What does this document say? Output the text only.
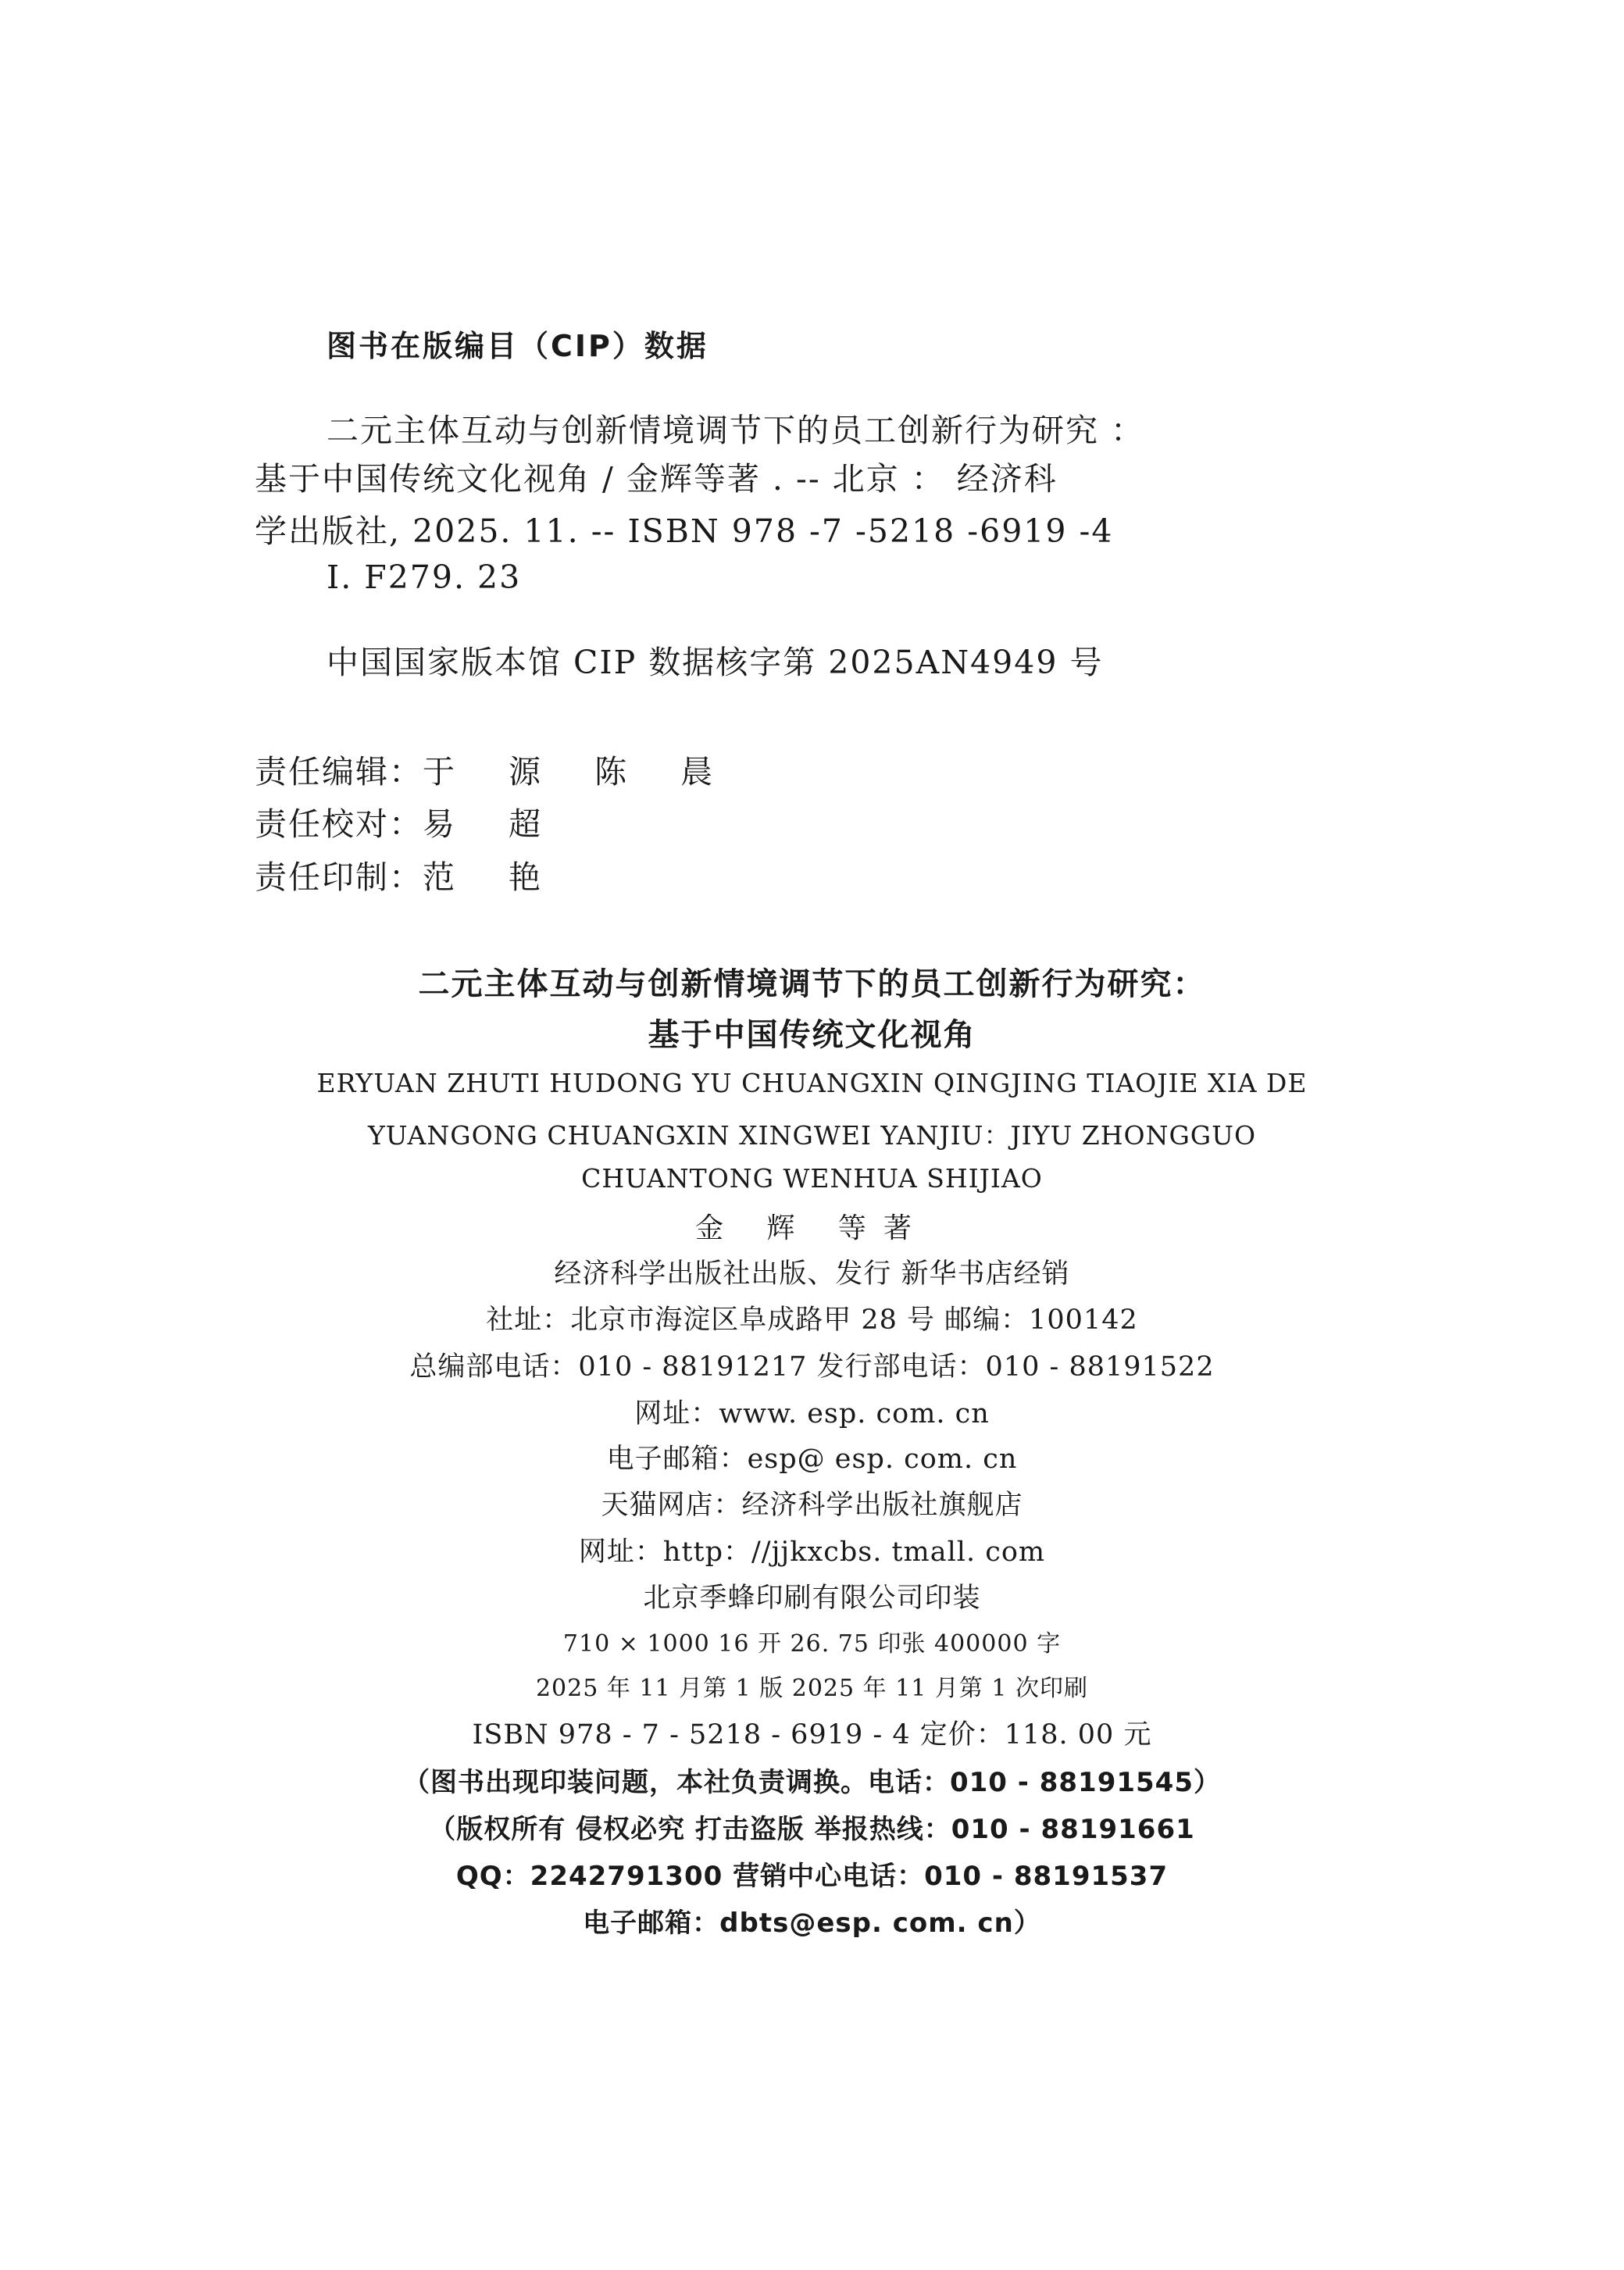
图书在版编目（CIP）数据
二元主体互动与创新情境调节下的员工创新行为研究 ：
基于中国传统文化视角 / 金辉等著 . -- 北京 ： 经济科
学出版社, 2025. 11. -- ISBN 978 -7 -5218 -6919 -4
Ⅰ. F279. 23
中国国家版本馆 CIP 数据核字第 2025AN4949 号
责任编辑：于 源 陈 晨
责任校对：易 超
责任印制：范 艳
二元主体互动与创新情境调节下的员工创新行为研究：
基于中国传统文化视角
ERYUAN ZHUTI HUDONG YU CHUANGXIN QINGJING TIAOJIE XIA DE
YUANGONG CHUANGXIN XINGWEI YANJIU：JIYU ZHONGGUO
CHUANTONG WENHUA SHIJIAO
金 辉 等著
经济科学出版社出版、发行 新华书店经销
社址：北京市海淀区阜成路甲 28 号 邮编：100142
总编部电话：010 - 88191217 发行部电话：010 - 88191522
网址：www. esp. com. cn
电子邮箱：esp@ esp. com. cn
天猫网店：经济科学出版社旗舰店
网址：http：//jjkxcbs. tmall. com
北京季蜂印刷有限公司印装
710 × 1000 16 开 26. 75 印张 400000 字
2025 年 11 月第 1 版 2025 年 11 月第 1 次印刷
ISBN 978 - 7 - 5218 - 6919 - 4 定价：118. 00 元
（图书出现印装问题，本社负责调换。电话：010 - 88191545）
（版权所有 侵权必究 打击盗版 举报热线：010 - 88191661
QQ：2242791300 营销中心电话：010 - 88191537
电子邮箱：dbts@esp. com. cn）
